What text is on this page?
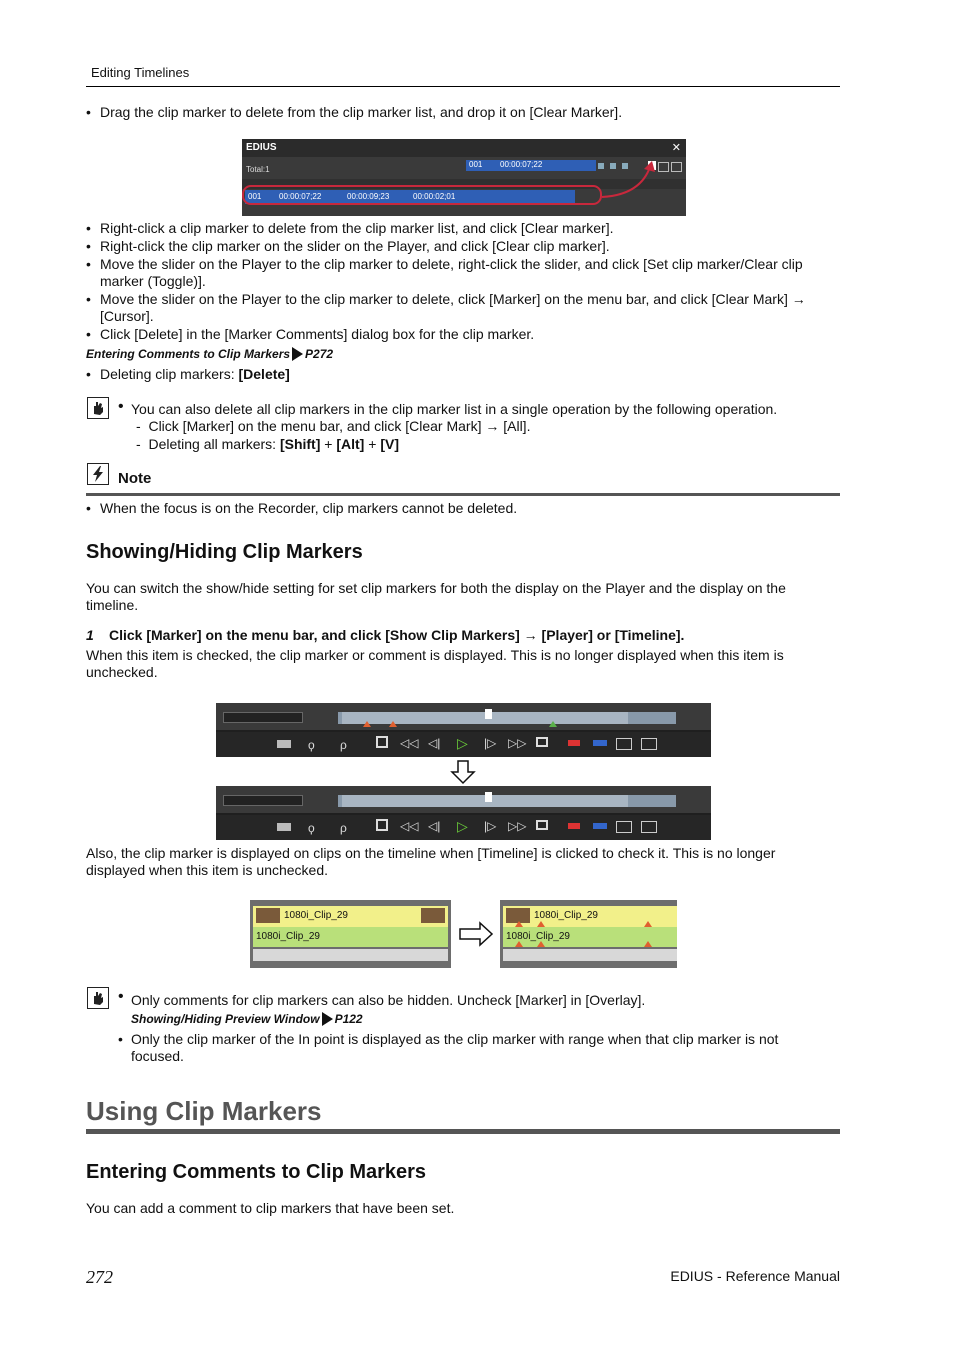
Editing Timelines
• Drag the clip marker to delete from the clip marker list, and drop it on [Clear Marker].
EDIUS	✕
Total:1
001 00:00:07;22
001 00:00:07;22	00:00:09;23	00:00:02;01
• Right-click a clip marker to delete from the clip marker list, and click [Clear marker].
• Right-click the clip marker on the slider on the Player, and click [Clear clip marker].
• Move the slider on the Player to the clip marker to delete, right-click the slider, and click [Set clip marker/Clear clip marker (Toggle)].
• Move the slider on the Player to the clip marker to delete, click [Marker] on the menu bar, and click [Clear Mark] → [Cursor].
• Click [Delete] in the [Marker Comments] dialog box for the clip marker.
Entering Comments to Clip Markers P272
• Deleting clip markers: [Delete]
• You can also delete all clip markers in the clip marker list in a single operation by the following operation.
-  Click [Marker] on the menu bar, and click [Clear Mark] → [All].
-  Deleting all markers: [Shift] + [Alt] + [V]
Note
• When the focus is on the Recorder, clip markers cannot be deleted.
Showing/Hiding Clip Markers
You can switch the show/hide setting for set clip markers for both the display on the Player and the display on the timeline.
1 Click [Marker] on the menu bar, and click [Show Clip Markers] → [Player] or [Timeline].
When this item is checked, the clip marker or comment is displayed. This is no longer displayed when this item is unchecked.
ϙ ρ	◁◁ ◁| ▷ |▷ ▷▷
ϙ ρ	◁◁ ◁| ▷ |▷ ▷▷
Also, the clip marker is displayed on clips on the timeline when [Timeline] is clicked to check it. This is no longer displayed when this item is unchecked.
1080i_Clip_29
1080i_Clip_29
1080i_Clip_29
1080i_Clip_29
• Only comments for clip markers can also be hidden. Uncheck [Marker] in [Overlay].
Showing/Hiding Preview Window P122
• Only the clip marker of the In point is displayed as the clip marker with range when that clip marker is not focused.
Using Clip Markers
Entering Comments to Clip Markers
You can add a comment to clip markers that have been set.
272	EDIUS - Reference Manual
